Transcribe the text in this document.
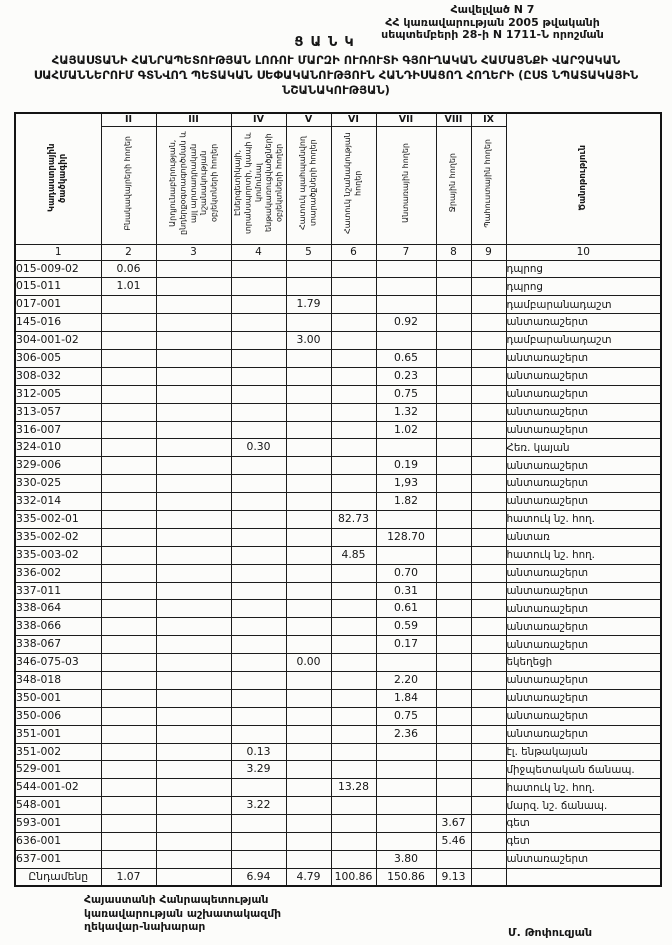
Հավելված N 7
ՀՀ կառավարության 2005 թվականի
սեպտեմբերի 28-ի N 1711-Ն որոշման
ՑԱՆԿ
ՀԱՅԱՍՏԱՆԻ ՀԱՆՐԱՊԵՏՈՒԹՅԱՆ ԼՈՌՈՒ ՄԱՐԶԻ ՈՒՌՈՒՏԻ ԳՅՈՒՂԱԿԱՆ ՀԱՄԱՅՆՔԻ ՎԱՐՉԱԿԱՆ ՍԱՀՄԱՆՆԵՐՈՒՄ ԳՏՆՎՈՂ ՊԵՏԱԿԱՆ ՍԵՓԱԿԱՆՈՒԹՅՈՒՆ ՀԱՆԴԻՍԱՑՈՂ ՀՈՂԵՐԻ (ԸՍՏ ՆՊԱՏԱԿԱՅԻՆ ՆՇԱՆԱԿՈՒԹՅԱՆ)
Կադաստրային ծածկագիր	II	III	IV	V	VI	VII	VIII	IX	Ծանոթություն
	Բնակավայրերի հողեր	Արդյունաբերության, ընդերքօգտագործման և այլ արտադրական նշանակության օբյեկտների հողեր	Էներգետիկայի, տրանսպորտի, կապի և կոմունալ ենթակառուցվածքների օբյեկտների հողեր	Հատուկ պահպանվող տարածքների հողեր	Հատուկ նշանակության հողեր	Անտառային հողեր	Ջրային հողեր	Պահուստային հողեր	
1	2	3	4	5	6	7	8	9	10
015-009-02	0.06								դպրոց
015-011	1.01								դպրոց
017-001				1.79					դամբարանադաշտ
145-016						0.92			անտառաշերտ
304-001-02				3.00					դամբարանադաշտ
306-005						0.65			անտառաշերտ
308-032						0.23			անտառաշերտ
312-005						0.75			անտառաշերտ
313-057						1.32			անտառաշերտ
316-007						1.02			անտառաշերտ
324-010			0.30						Հեռ. կայան
329-006						0.19			անտառաշերտ
330-025						1,93			անտառաշերտ
332-014						1.82			անտառաշերտ
335-002-01					82.73				հատուկ նշ. հող.
335-002-02						128.70			անտառ
335-003-02					4.85				հատուկ նշ. հող.
336-002						0.70			անտառաշերտ
337-011						0.31			անտառաշերտ
338-064						0.61			անտառաշերտ
338-066						0.59			անտառաշերտ
338-067						0.17			անտառաշերտ
346-075-03				0.00					եկեղեցի
348-018						2.20			անտառաշերտ
350-001						1.84			անտառաշերտ
350-006						0.75			անտառաշերտ
351-001						2.36			անտառաշերտ
351-002			0.13						էլ. ենթակայան
529-001			3.29						միջպետական ճանապ.
544-001-02					13.28				հատուկ նշ. հող.
548-001			3.22						մարզ. նշ. ճանապ.
593-001							3.67		գետ
636-001							5.46		գետ
637-001						3.80			անտառաշերտ
Ընդամենը	1.07		6.94	4.79	100.86	150.86	9.13		
Հայաստանի Հանրապետության
կառավարության աշխատակազմի
ղեկավար-նախարար	Մ. Թոփուզյան
